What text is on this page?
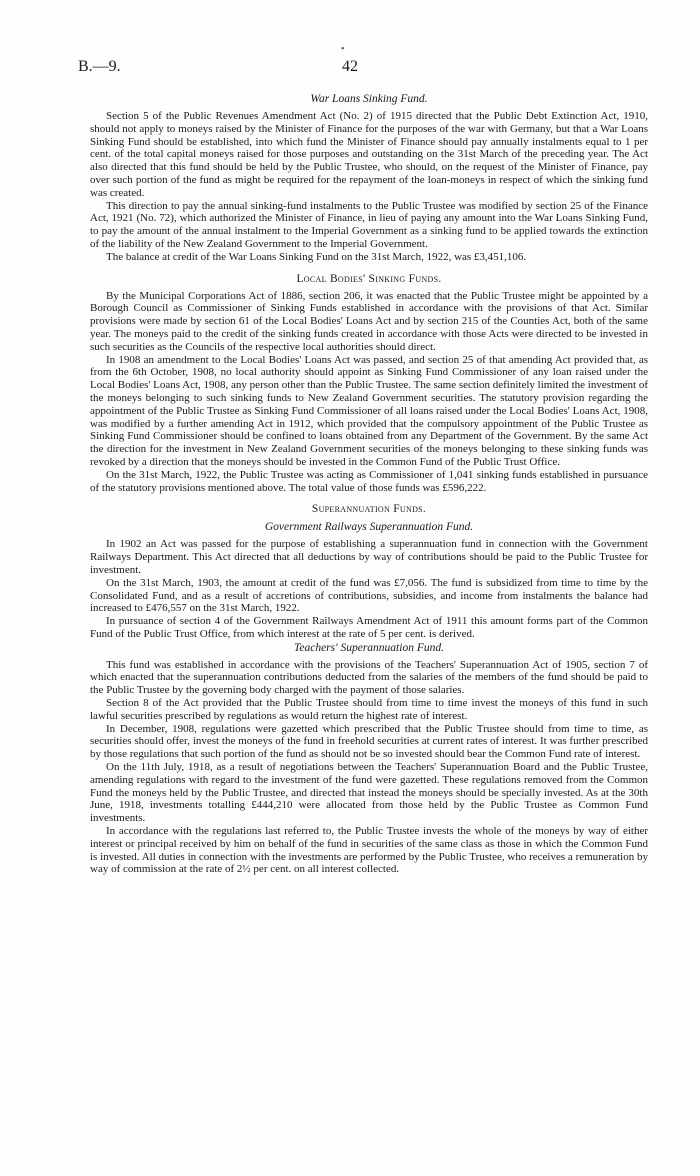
•
B.—9.	42
War Loans Sinking Fund.

Section 5 of the Public Revenues Amendment Act (No. 2) of 1915 directed that the Public Debt Extinction Act, 1910, should not apply to moneys raised by the Minister of Finance for the purposes of the war with Germany, but that a War Loans Sinking Fund should be established, into which fund the Minister of Finance should pay annually instalments equal to 1 per cent. of the total capital moneys raised for those purposes and outstanding on the 31st March of the preceding year. The Act also directed that this fund should be held by the Public Trustee, who should, on the request of the Minister of Finance, pay over such portion of the fund as might be required for the repayment of the loan-moneys in respect of which the sinking fund was created.

This direction to pay the annual sinking-fund instalments to the Public Trustee was modified by section 25 of the Finance Act, 1921 (No. 72), which authorized the Minister of Finance, in lieu of paying any amount into the War Loans Sinking Fund, to pay the amount of the annual instalment to the Imperial Government as a sinking fund to be applied towards the extinction of the liability of the New Zealand Government to the Imperial Government.

The balance at credit of the War Loans Sinking Fund on the 31st March, 1922, was £3,451,106.

Local Bodies' Sinking Funds.

By the Municipal Corporations Act of 1886, section 206, it was enacted that the Public Trustee might be appointed by a Borough Council as Commissioner of Sinking Funds established in accordance with the provisions of that Act. Similar provisions were made by section 61 of the Local Bodies' Loans Act and by section 215 of the Counties Act, both of the same year. The moneys paid to the credit of the sinking funds created in accordance with those Acts were directed to be invested in such securities as the Councils of the respective local authorities should direct.

In 1908 an amendment to the Local Bodies' Loans Act was passed, and section 25 of that amending Act provided that, as from the 6th October, 1908, no local authority should appoint as Sinking Fund Commissioner of any loan raised under the Local Bodies' Loans Act, 1908, any person other than the Public Trustee. The same section definitely limited the investment of the moneys belonging to such sinking funds to New Zealand Government securities. The statutory provision regarding the appointment of the Public Trustee as Sinking Fund Commissioner of all loans raised under the Local Bodies' Loans Act, 1908, was modified by a further amending Act in 1912, which provided that the compulsory appointment of the Public Trustee as Sinking Fund Commissioner should be confined to loans obtained from any Department of the Government. By the same Act the direction for the investment in New Zealand Government securities of the moneys belonging to these sinking funds was revoked by a direction that the moneys should be invested in the Common Fund of the Public Trust Office.

On the 31st March, 1922, the Public Trustee was acting as Commissioner of 1,041 sinking funds established in pursuance of the statutory provisions mentioned above. The total value of those funds was £596,222.

Superannuation Funds.
Government Railways Superannuation Fund.

In 1902 an Act was passed for the purpose of establishing a superannuation fund in connection with the Government Railways Department. This Act directed that all deductions by way of contributions should be paid to the Public Trustee for investment.

On the 31st March, 1903, the amount at credit of the fund was £7,056. The fund is subsidized from time to time by the Consolidated Fund, and as a result of accretions of contributions, subsidies, and income from instalments the balance had increased to £476,557 on the 31st March, 1922.

In pursuance of section 4 of the Government Railways Amendment Act of 1911 this amount forms part of the Common Fund of the Public Trust Office, from which interest at the rate of 5 per cent. is derived.

Teachers' Superannuation Fund.

This fund was established in accordance with the provisions of the Teachers' Superannuation Act of 1905, section 7 of which enacted that the superannuation contributions deducted from the salaries of the members of the fund should be paid to the Public Trustee by the governing body charged with the payment of those salaries.

Section 8 of the Act provided that the Public Trustee should from time to time invest the moneys of this fund in such lawful securities prescribed by regulations as would return the highest rate of interest.

In December, 1908, regulations were gazetted which prescribed that the Public Trustee should from time to time, as securities should offer, invest the moneys of the fund in freehold securities at current rates of interest. It was further prescribed by those regulations that such portion of the fund as should not be so invested should bear the Common Fund rate of interest.

On the 11th July, 1918, as a result of negotiations between the Teachers' Superannuation Board and the Public Trustee, amending regulations with regard to the investment of the fund were gazetted. These regulations removed from the Common Fund the moneys held by the Public Trustee, and directed that instead the moneys should be specially invested. As at the 30th June, 1918, investments totalling £444,210 were allocated from those held by the Public Trustee as Common Fund investments.

In accordance with the regulations last referred to, the Public Trustee invests the whole of the moneys by way of either interest or principal received by him on behalf of the fund in securities of the same class as those in which the Common Fund is invested. All duties in connection with the investments are performed by the Public Trustee, who receives a remuneration by way of commission at the rate of 2½ per cent. on all interest collected.
